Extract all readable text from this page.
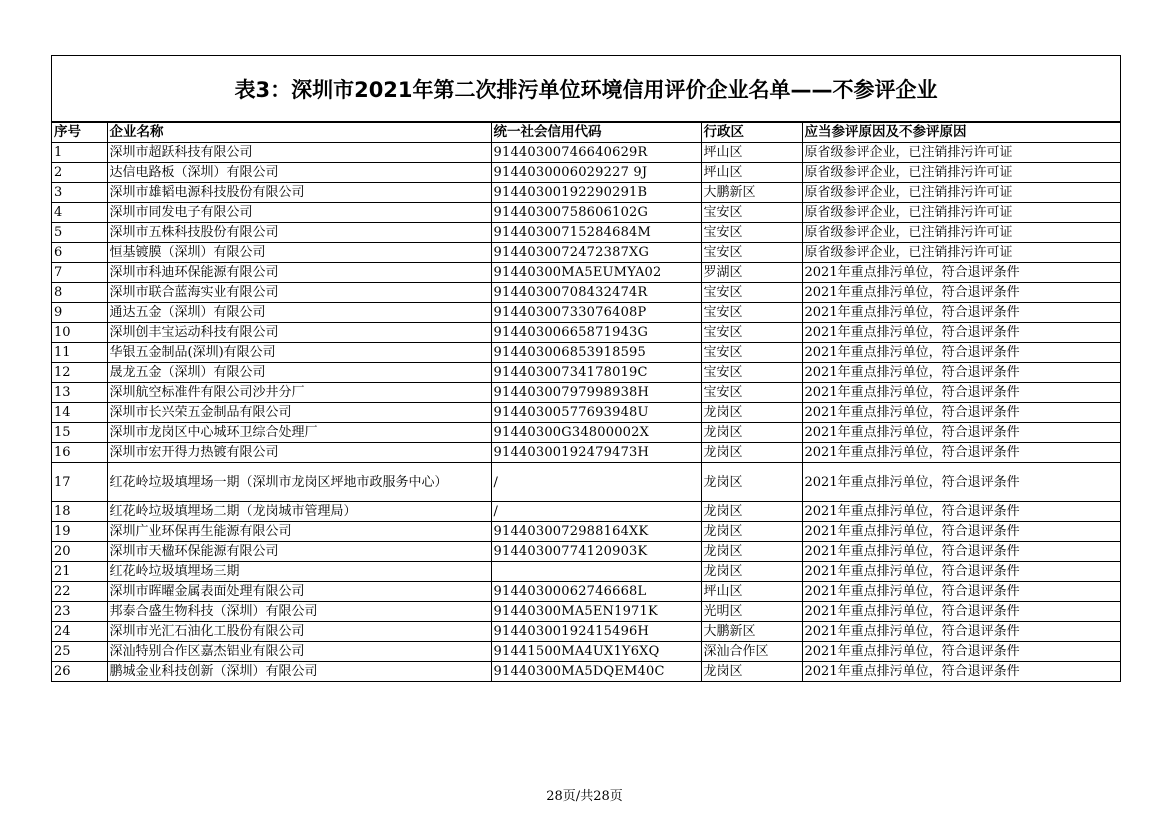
表3：深圳市2021年第二次排污单位环境信用评价企业名单——不参评企业
序号	企业名称	统一社会信用代码	行政区	应当参评原因及不参评原因
1	深圳市超跃科技有限公司	91440300746640629R	坪山区	原省级参评企业，已注销排污许可证
2	达信电路板（深圳）有限公司	9144030006029227 9J	坪山区	原省级参评企业，已注销排污许可证
3	深圳市雄韬电源科技股份有限公司	91440300192290291B	大鹏新区	原省级参评企业，已注销排污许可证
4	深圳市同发电子有限公司	91440300758606102G	宝安区	原省级参评企业，已注销排污许可证
5	深圳市五株科技股份有限公司	91440300715284684M	宝安区	原省级参评企业，已注销排污许可证
6	恒基镀膜（深圳）有限公司	9144030072472387XG	宝安区	原省级参评企业，已注销排污许可证
7	深圳市科迪环保能源有限公司	91440300MA5EUMYA02	罗湖区	2021年重点排污单位，符合退评条件
8	深圳市联合蓝海实业有限公司	91440300708432474R	宝安区	2021年重点排污单位，符合退评条件
9	通达五金（深圳）有限公司	91440300733076408P	宝安区	2021年重点排污单位，符合退评条件
10	深圳创丰宝运动科技有限公司	91440300665871943G	宝安区	2021年重点排污单位，符合退评条件
11	华银五金制品(深圳)有限公司	914403006853918595	宝安区	2021年重点排污单位，符合退评条件
12	晟龙五金（深圳）有限公司	91440300734178019C	宝安区	2021年重点排污单位，符合退评条件
13	深圳航空标准件有限公司沙井分厂	91440300797998938H	宝安区	2021年重点排污单位，符合退评条件
14	深圳市长兴荣五金制品有限公司	91440300577693948U	龙岗区	2021年重点排污单位，符合退评条件
15	深圳市龙岗区中心城环卫综合处理厂	91440300G34800002X	龙岗区	2021年重点排污单位，符合退评条件
16	深圳市宏开得力热镀有限公司	91440300192479473H	龙岗区	2021年重点排污单位，符合退评条件
17	红花岭垃圾填埋场一期（深圳市龙岗区坪地市政服务中心）	/	龙岗区	2021年重点排污单位，符合退评条件
18	红花岭垃圾填埋场二期（龙岗城市管理局）	/	龙岗区	2021年重点排污单位，符合退评条件
19	深圳广业环保再生能源有限公司	9144030072988164XK	龙岗区	2021年重点排污单位，符合退评条件
20	深圳市天楹环保能源有限公司	91440300774120903K	龙岗区	2021年重点排污单位，符合退评条件
21	红花岭垃圾填埋场三期		龙岗区	2021年重点排污单位，符合退评条件
22	深圳市晖曜金属表面处理有限公司	91440300062746668L	坪山区	2021年重点排污单位，符合退评条件
23	邦泰合盛生物科技（深圳）有限公司	91440300MA5EN1971K	光明区	2021年重点排污单位，符合退评条件
24	深圳市光汇石油化工股份有限公司	91440300192415496H	大鹏新区	2021年重点排污单位，符合退评条件
25	深汕特别合作区嘉杰铝业有限公司	91441500MA4UX1Y6XQ	深汕合作区	2021年重点排污单位，符合退评条件
26	鹏城金业科技创新（深圳）有限公司	91440300MA5DQEM40C	龙岗区	2021年重点排污单位，符合退评条件
28页/共28页
